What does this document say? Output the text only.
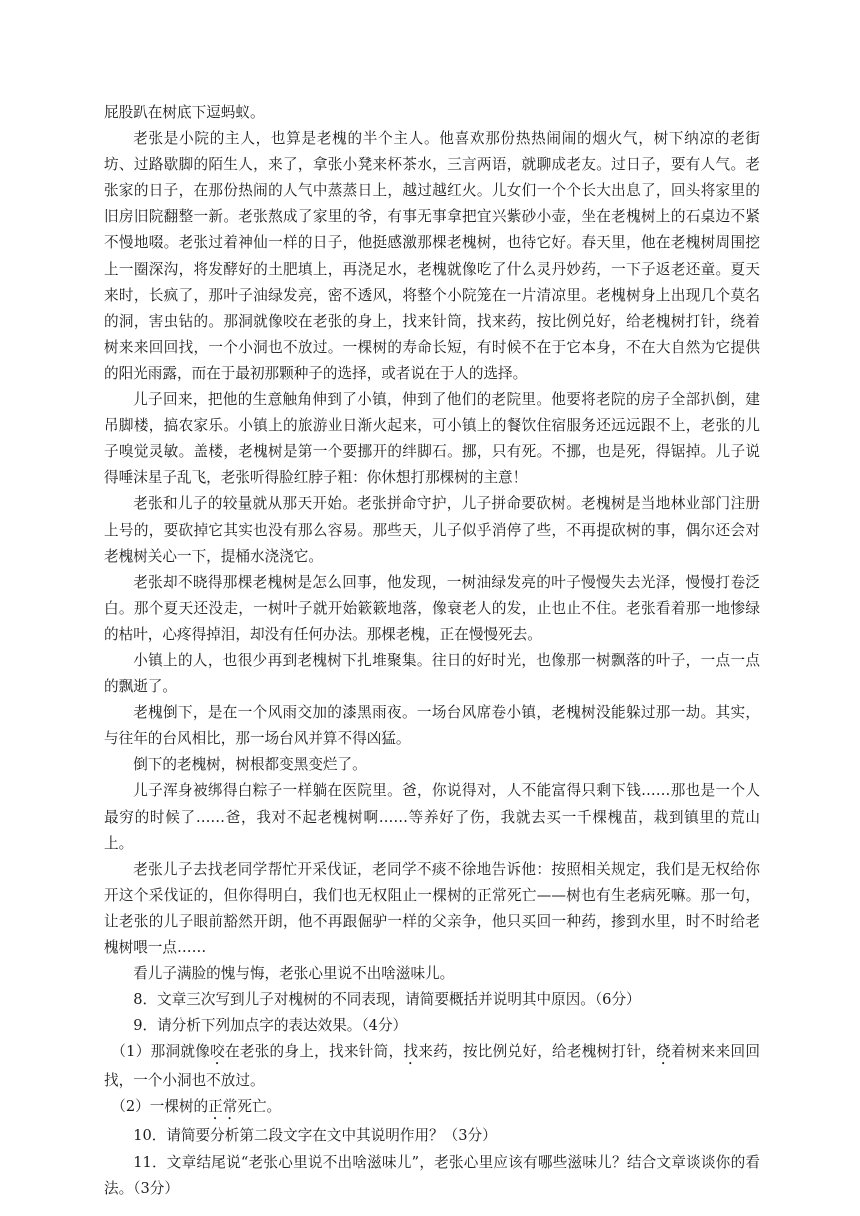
屁股趴在树底下逗蚂蚁。

老张是小院的主人，也算是老槐的半个主人。他喜欢那份热热闹闹的烟火气，树下纳凉的老街坊、过路歇脚的陌生人，来了，拿张小凳来杯茶水，三言两语，就聊成老友。过日子，要有人气。老张家的日子，在那份热闹的人气中蒸蒸日上，越过越红火。儿女们一个个长大出息了，回头将家里的旧房旧院翻整一新。老张熬成了家里的爷，有事无事拿把宜兴紫砂小壶，坐在老槐树上的石桌边不紧不慢地啜。老张过着神仙一样的日子，他挺感激那棵老槐树，也待它好。春天里，他在老槐树周围挖上一圈深沟，将发酵好的土肥填上，再浇足水，老槐就像吃了什么灵丹妙药，一下子返老还童。夏天来时，长疯了，那叶子油绿发亮，密不透风，将整个小院笼在一片清凉里。老槐树身上出现几个莫名的洞，害虫钻的。那洞就像咬在老张的身上，找来针筒，找来药，按比例兑好，给老槐树打针，绕着树来来回回找，一个小洞也不放过。一棵树的寿命长短，有时候不在于它本身，不在大自然为它提供的阳光雨露，而在于最初那颗种子的选择，或者说在于人的选择。

儿子回来，把他的生意触角伸到了小镇，伸到了他们的老院里。他要将老院的房子全部扒倒，建吊脚楼，搞农家乐。小镇上的旅游业日渐火起来，可小镇上的餐饮住宿服务还远远跟不上，老张的儿子嗅觉灵敏。盖楼，老槐树是第一个要挪开的绊脚石。挪，只有死。不挪，也是死，得锯掉。儿子说得唾沫星子乱飞，老张听得脸红脖子粗：你休想打那棵树的主意！

老张和儿子的较量就从那天开始。老张拼命守护，儿子拼命要砍树。老槐树是当地林业部门注册上号的，要砍掉它其实也没有那么容易。那些天，儿子似乎消停了些，不再提砍树的事，偶尔还会对老槐树关心一下，提桶水浇浇它。

老张却不晓得那棵老槐树是怎么回事，他发现，一树油绿发亮的叶子慢慢失去光泽，慢慢打卷泛白。那个夏天还没走，一树叶子就开始簌簌地落，像衰老人的发，止也止不住。老张看着那一地惨绿的枯叶，心疼得掉泪，却没有任何办法。那棵老槐，正在慢慢死去。

小镇上的人，也很少再到老槐树下扎堆聚集。往日的好时光，也像那一树飘落的叶子，一点一点的飘逝了。

老槐倒下，是在一个风雨交加的漆黑雨夜。一场台风席卷小镇，老槐树没能躲过那一劫。其实，与往年的台风相比，那一场台风并算不得凶猛。

倒下的老槐树，树根都变黑变烂了。

儿子浑身被绑得白粽子一样躺在医院里。爸，你说得对，人不能富得只剩下钱……那也是一个人最穷的时候了……爸，我对不起老槐树啊……等养好了伤，我就去买一千棵槐苗，栽到镇里的荒山上。

老张儿子去找老同学帮忙开采伐证，老同学不痰不徐地告诉他：按照相关规定，我们是无权给你开这个采伐证的，但你得明白，我们也无权阻止一棵树的正常死亡——树也有生老病死嘛。那一句，让老张的儿子眼前豁然开朗，他不再跟倔驴一样的父亲争，他只买回一种药，掺到水里，时不时给老槐树喂一点……

看儿子满脸的愧与悔，老张心里说不出啥滋味儿。

8．文章三次写到儿子对槐树的不同表现，请简要概括并说明其中原因。（6分）

9．请分析下列加点字的表达效果。（4分）

（1）那洞就像咬在老张的身上，找来针筒，找来药，按比例兑好，给老槐树打针，绕着树来来回回找，一个小洞也不放过。

（2）一棵树的正常死亡。

10．请简要分析第二段文字在文中其说明作用？（3分）

11．文章结尾说“老张心里说不出啥滋味儿”，老张心里应该有哪些滋味儿？结合文章谈谈你的看法。（3分）
